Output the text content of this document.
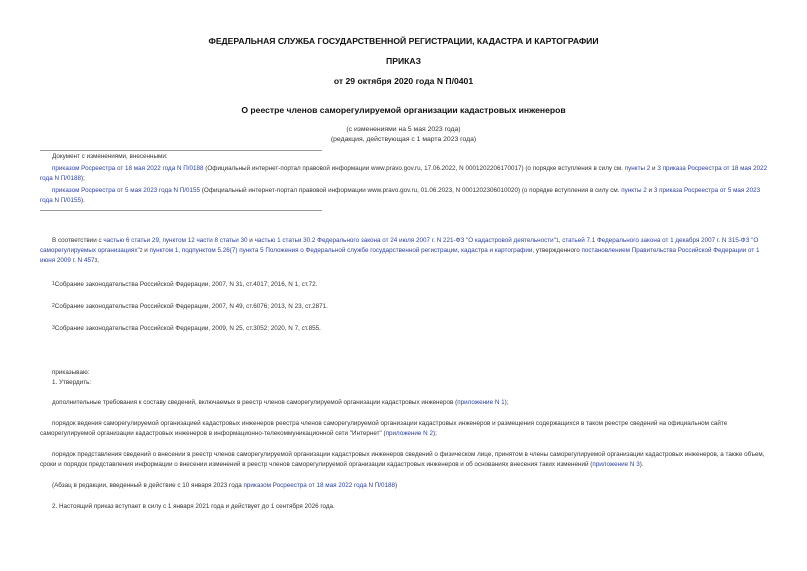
ФЕДЕРАЛЬНАЯ СЛУЖБА ГОСУДАРСТВЕННОЙ РЕГИСТРАЦИИ, КАДАСТРА И КАРТОГРАФИИ
ПРИКАЗ
от 29 октября 2020 года N П/0401
О реестре членов саморегулируемой организации кадастровых инженеров
(с изменениями на 5 мая 2023 года)
(редакция, действующая с 1 марта 2023 года)
Документ с изменениями, внесенными:
приказом Росреестра от 18 мая 2022 года N П/0188 (Официальный интернет-портал правовой информации www.pravo.gov.ru, 17.06.2022, N 0001202206170017) (о порядке вступления в силу см. пункты 2 и 3 приказа Росреестра от 18 мая 2022 года N П/0188);
приказом Росреестра от 5 мая 2023 года N П/0155 (Официальный интернет-портал правовой информации www.pravo.gov.ru, 01.06.2023, N 0001202306010020) (о порядке вступления в силу см. пункты 2 и 3 приказа Росреестра от 5 мая 2023 года N П/0155).
В соответствии с частью 6 статьи 29, пунктом 12 части 8 статьи 30 и частью 1 статьи 30.2 Федерального закона от 24 июля 2007 г. N 221-ФЗ "О кадастровой деятельности"$^1$, статьей 7.1 Федерального закона от 1 декабря 2007 г. N 315-ФЗ "О саморегулируемых организациях"$^2$ и пунктом 1, подпунктом 5.26(7) пункта 5 Положения о Федеральной службе государственной регистрации, кадастра и картографии, утвержденного постановлением Правительства Российской Федерации от 1 июня 2009 г. N 457$^3$,
$^1$Собрание законодательства Российской Федерации, 2007, N 31, ст.4017; 2016, N 1, ст.72.
$^2$Собрание законодательства Российской Федерации, 2007, N 49, ст.6076; 2013, N 23, ст.2871.
$^3$Собрание законодательства Российской Федерации, 2009, N 25, ст.3052; 2020, N 7, ст.855.
приказываю:
1. Утвердить:
дополнительные требования к составу сведений, включаемых в реестр членов саморегулируемой организации кадастровых инженеров (приложение N 1);
порядок ведения саморегулируемой организацией кадастровых инженеров реестра членов саморегулируемой организации кадастровых инженеров и размещения содержащихся в таком реестре сведений на официальном сайте саморегулируемой организации кадастровых инженеров в информационно-телекоммуникационной сети "Интернет" (приложение N 2);
порядок представления сведений о внесении в реестр членов саморегулируемой организации кадастровых инженеров сведений о физическом лице, принятом в члены саморегулируемой организации кадастровых инженеров, а также объем, сроки и порядок представления информации о внесении изменений в реестр членов саморегулируемой организации кадастровых инженеров и об основаниях внесения таких изменений (приложение N 3).
(Абзац в редакции, введенный в действие с 10 января 2023 года приказом Росреестра от 18 мая 2022 года N П/0188)
2. Настоящий приказ вступает в силу с 1 января 2021 года и действует до 1 сентября 2026 года.
